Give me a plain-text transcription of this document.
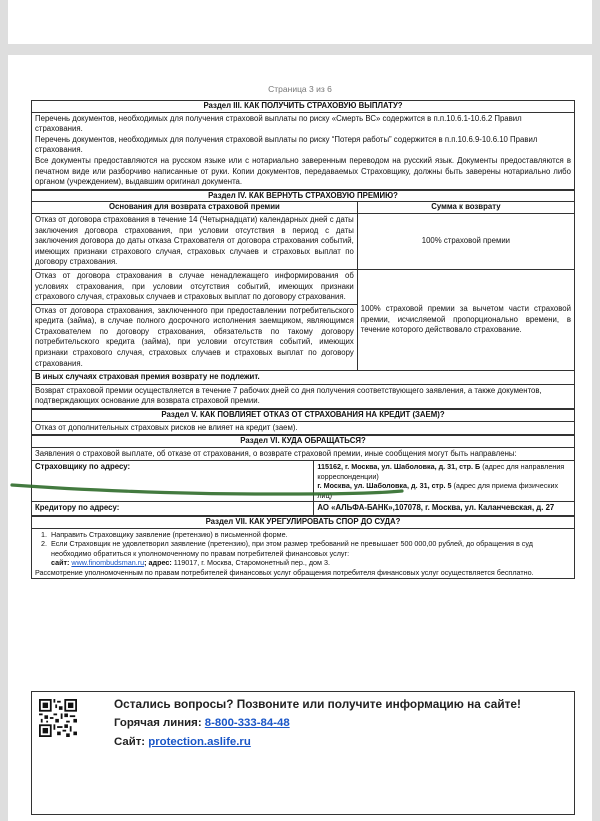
Страница 3 из 6
Раздел III. КАК ПОЛУЧИТЬ СТРАХОВУЮ ВЫПЛАТУ?

Перечень документов, необходимых для получения страховой выплаты по риску «Смерть ВС» содержится в п.п.10.6.1-10.6.2 Правил страхования.

Перечень документов, необходимых для получения страховой выплаты по риску “Потеря работы” содержится в п.п.10.6.9-10.6.10 Правил страхования.

Все документы предоставляются на русском языке или с нотариально заверенным переводом на русский язык. Документы предоставляются в печатном виде или разборчиво написанные от руки. Копии документов, передаваемых Страховщику, должны быть заверены нотариально либо органом (учреждением), выдавшим оригинал документа.

Раздел IV. КАК ВЕРНУТЬ СТРАХОВУЮ ПРЕМИЮ?	
Основания для возврата страховой премии	Сумма к возврату
Отказ от договора страхования в течение 14 (Четырнадцати) календарных дней с даты заключения договора страхования, при условии отсутствия в период с даты заключения договора до даты отказа Страхователя от договора страхования событий, имеющих признаки страхового случая, страховых случаев и страховых выплат по договору страхования.	100% страховой премии
Отказ от договора страхования в случае ненадлежащего информирования об условиях страхования, при условии отсутствия событий, имеющих признаки страхового случая, страховых случаев и страховых выплат по договору страхования.	100% страховой премии за вычетом части страховой премии, исчисляемой пропорционально времени, в течение которого действовало страхование.
Отказ от договора страхования, заключенного при предоставлении потребительского кредита (займа), в случае полного досрочного исполнения заемщиком, являющимся Страхователем по договору страхования, обязательств по такому договору потребительского кредита (займа), при условии отсутствия событий, имеющих признаки страхового случая, страховых случаев и страховых выплат по договору страхования.	
В иных случаях страховая премия возврату не подлежит.	
Возврат страховой премии осуществляется в течение 7 рабочих дней со дня получения соответствующего заявления, а также документов, подтверждающих основание для возврата страховой премии.	
Раздел V. КАК ПОВЛИЯЕТ ОТКАЗ ОТ СТРАХОВАНИЯ НА КРЕДИТ (ЗАЕМ)?
Отказ от дополнительных страховых рисков не влияет на кредит (заем).
Раздел VI. КУДА ОБРАЩАТЬСЯ?	
Заявления о страховой выплате, об отказе от страхования, о возврате страховой премии, иные сообщения могут быть направлены:	
Страховщику по адресу:	115162, г. Москва, ул. Шаболовка, д. 31, стр. Б (адрес для направления корреспонденции)
г. Москва, ул. Шаболовка, д. 31, стр. 5 (адрес для приема физических лиц)

Кредитору по адресу:	АО «АЛЬФА-БАНК»,107078, г. Москва, ул. Каланчевская, д. 27
Раздел VII. КАК УРЕГУЛИРОВАТЬ СПОР ДО СУДА?

1. Направить Страховщику заявление (претензию) в письменной форме.
2. Если Страховщик не удовлетворил заявление (претензию), при этом размер требований не превышает 500 000,00 рублей, до обращения в суд необходимо обратиться к уполномоченному по правам потребителей финансовых услуг:
сайт: www.finombudsman.ru; адрес: 119017, г. Москва, Старомонетный пер., дом 3.

Рассмотрение уполномоченным по правам потребителей финансовых услуг обращения потребителя финансовых услуг осуществляется бесплатно.

Остались вопросы? Позвоните или получите информацию на сайте!
Горячая линия: 8-800-333-84-48
Сайт: protection.aslife.ru
